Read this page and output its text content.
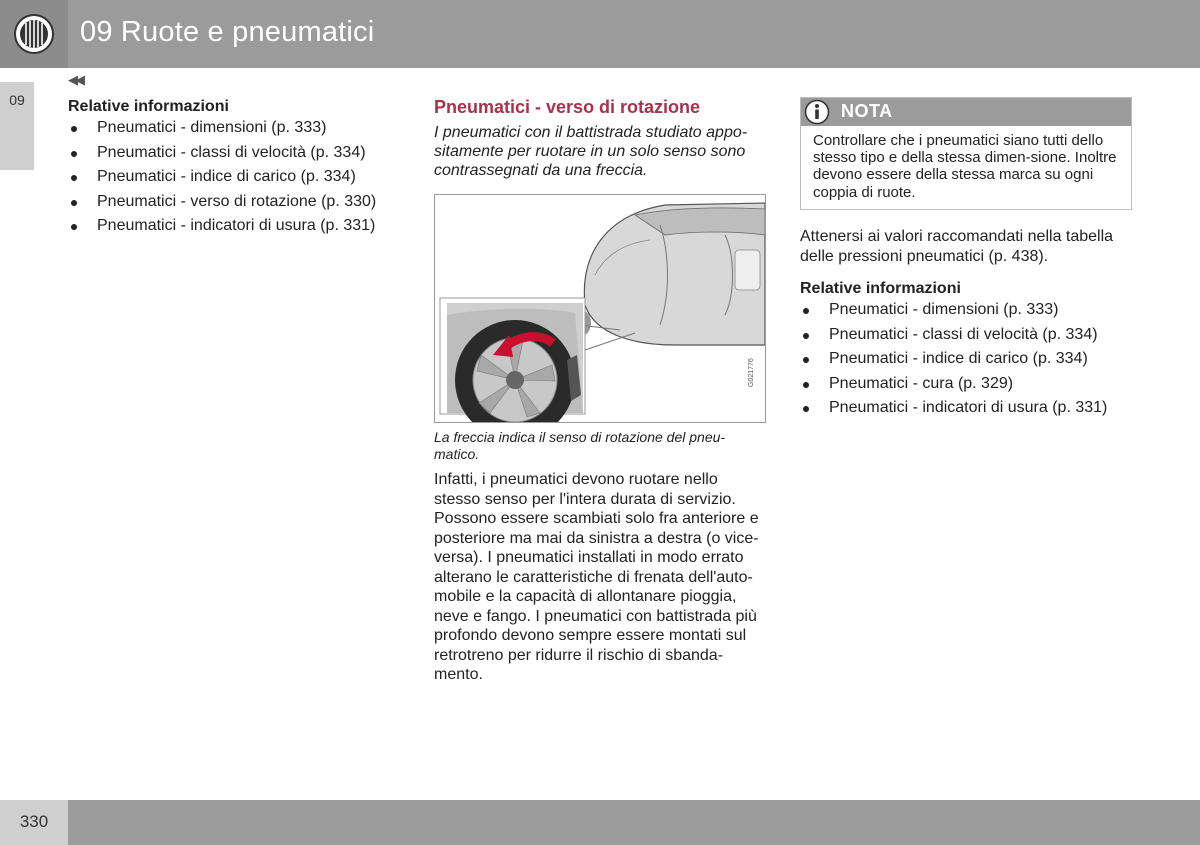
09 Ruote e pneumatici
09
◀◀

Relative informazioni

Pneumatici - dimensioni (p. 333)
Pneumatici - classi di velocità (p. 334)
Pneumatici - indice di carico (p. 334)
Pneumatici - verso di rotazione (p. 330)
Pneumatici - indicatori di usura (p. 331)

Pneumatici - verso di rotazione

I pneumatici con il battistrada studiato appo-sitamente per ruotare in un solo senso sono contrassegnati da una freccia.

G021776
La freccia indica il senso di rotazione del pneu-matico.
Infatti, i pneumatici devono ruotare nello stesso senso per l'intera durata di servizio. Possono essere scambiati solo fra anteriore e posteriore ma mai da sinistra a destra (o vice-versa). I pneumatici installati in modo errato alterano le caratteristiche di frenata dell'auto-mobile e la capacità di allontanare pioggia, neve e fango. I pneumatici con battistrada più profondo devono sempre essere montati sul retrotreno per ridurre il rischio di sbanda-mento.
NOTA
Controllare che i pneumatici siano tutti dello stesso tipo e della stessa dimen-sione. Inoltre devono essere della stessa marca su ogni coppia di ruote.
Attenersi ai valori raccomandati nella tabella delle pressioni pneumatici (p. 438).

Relative informazioni

Pneumatici - dimensioni (p. 333)
Pneumatici - classi di velocità (p. 334)
Pneumatici - indice di carico (p. 334)
Pneumatici - cura (p. 329)
Pneumatici - indicatori di usura (p. 331)
330
